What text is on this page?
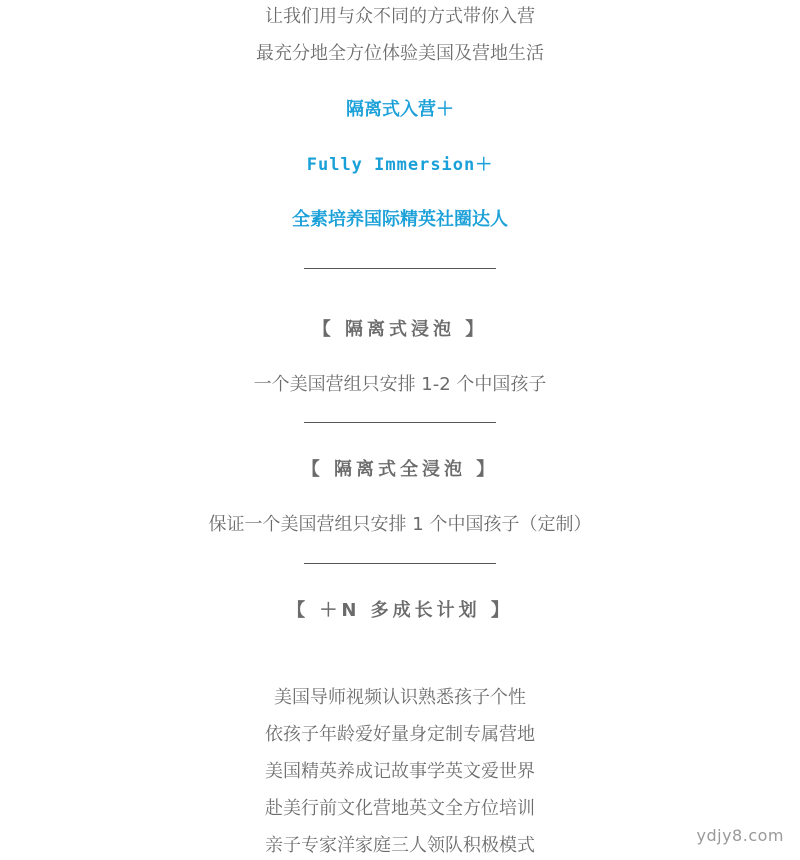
让我们用与众不同的方式带你入营
最充分地全方位体验美国及营地生活
隔离式入营＋
Fully Immersion＋
全素培养国际精英社圈达人
【 隔离式浸泡 】
一个美国营组只安排 1-2 个中国孩子
【 隔离式全浸泡 】
保证一个美国营组只安排 1 个中国孩子（定制）
【 ＋N 多成长计划 】
美国导师视频认识熟悉孩子个性
依孩子年龄爱好量身定制专属营地
美国精英养成记故事学英文爱世界
赴美行前文化营地英文全方位培训
亲子专家洋家庭三人领队积极模式	ydjy8.com
